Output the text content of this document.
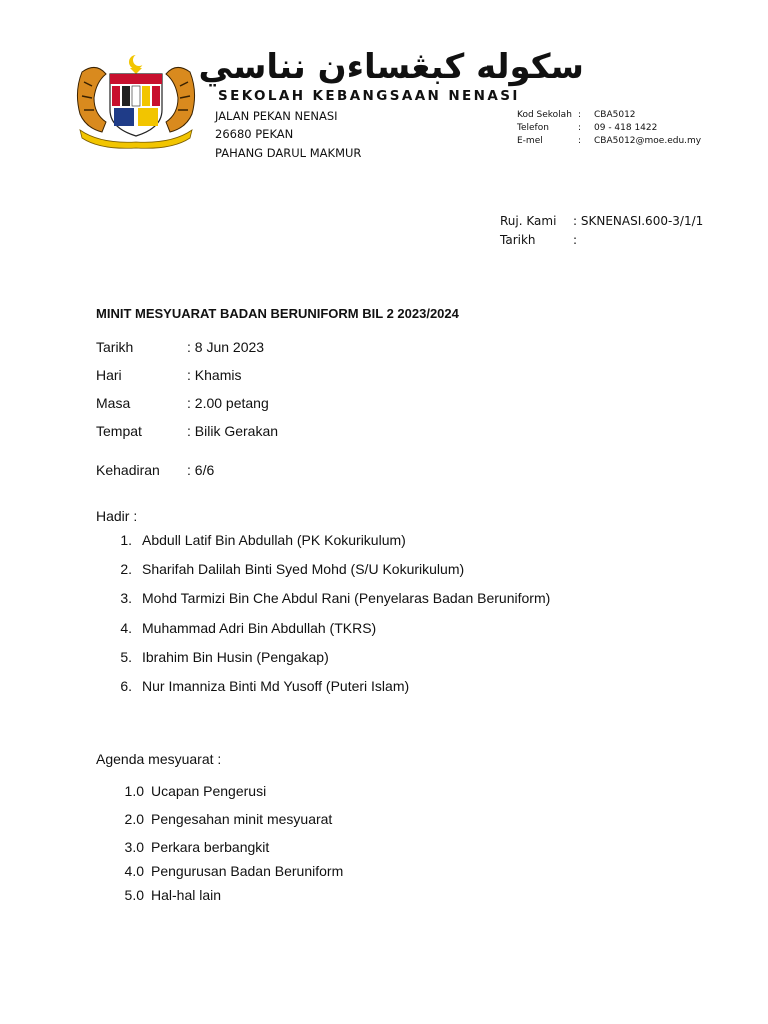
سکوله کبڠساءن نناسي
SEKOLAH KEBANGSAAN NENASI
JALAN PEKAN NENASI
26680 PEKAN
PAHANG DARUL MAKMUR
Kod Sekolah : CBA5012
Telefon	: 09 - 418 1422
E-mel	: CBA5012@moe.edu.my
Ruj. Kami : SKNENASI.600-3/1/1
Tarikh	:
MINIT MESYUARAT BADAN BERUNIFORM BIL 2 2023/2024
Tarikh	: 8 Jun 2023
Hari	: Khamis
Masa	: 2.00 petang
Tempat	: Bilik Gerakan
Kehadiran : 6/6
Hadir :
1. Abdull Latif Bin Abdullah (PK Kokurikulum)
2. Sharifah Dalilah Binti Syed Mohd (S/U Kokurikulum)
3. Mohd Tarmizi Bin Che Abdul Rani (Penyelaras Badan Beruniform)
4. Muhammad Adri Bin Abdullah (TKRS)
5. Ibrahim Bin Husin (Pengakap)
6. Nur Imanniza Binti Md Yusoff (Puteri Islam)
Agenda mesyuarat :
1.0 Ucapan Pengerusi
2.0 Pengesahan minit mesyuarat
3.0 Perkara berbangkit
4.0 Pengurusan Badan Beruniform
5.0 Hal-hal lain
